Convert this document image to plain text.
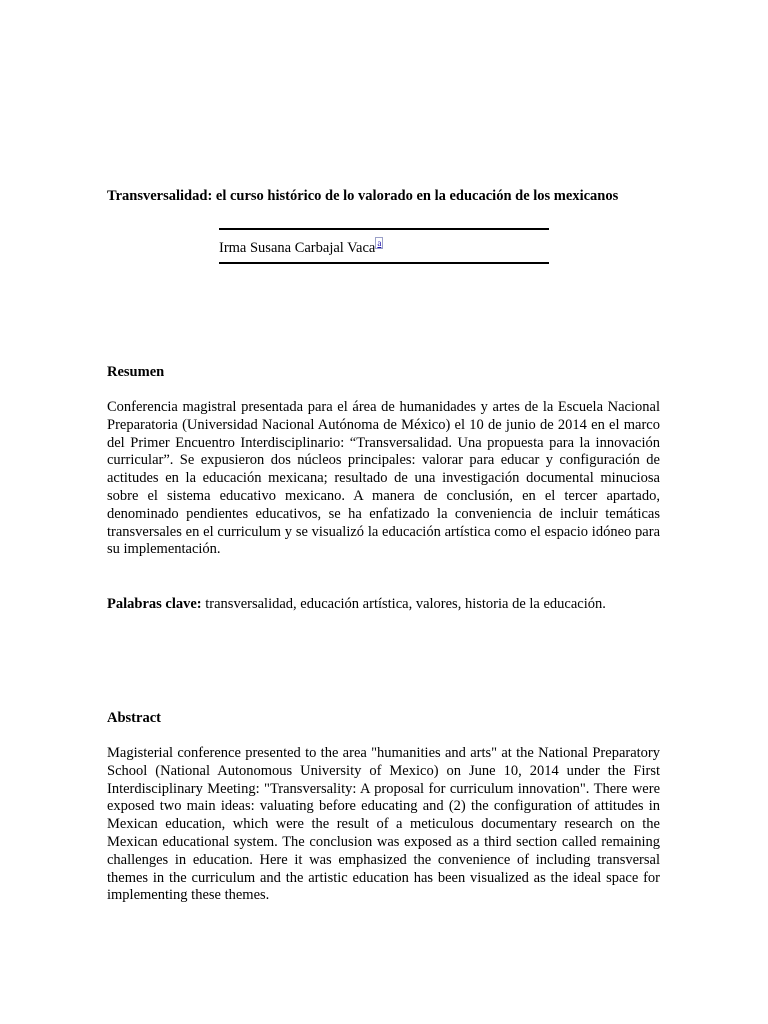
Transversalidad: el curso histórico de lo valorado en la educación de los mexicanos
Irma Susana Carbajal Vaca $^a$
Resumen

Conferencia magistral presentada para el área de humanidades y artes de la Escuela Nacional Preparatoria (Universidad Nacional Autónoma de México) el 10 de junio de 2014 en el marco del Primer Encuentro Interdisciplinario: “Transversalidad. Una propuesta para la innovación curricular”. Se expusieron dos núcleos principales: valorar para educar y configuración de actitudes en la educación mexicana; resultado de una investigación documental minuciosa sobre el sistema educativo mexicano. A manera de conclusión, en el tercer apartado, denominado pendientes educativos, se ha enfatizado la conveniencia de incluir temáticas transversales en el curriculum y se visualizó la educación artística como el espacio idóneo para su implementación.

Palabras clave: transversalidad, educación artística, valores, historia de la educación.
Abstract

Magisterial conference presented to the area "humanities and arts" at the National Preparatory School (National Autonomous University of Mexico) on June 10, 2014 under the First Interdisciplinary Meeting: "Transversality: A proposal for curriculum innovation". There were exposed two main ideas: valuating before educating and (2) the configuration of attitudes in Mexican education, which were the result of a meticulous documentary research on the Mexican educational system. The conclusion was exposed as a third section called remaining challenges in education. Here it was emphasized the convenience of including transversal themes in the curriculum and the artistic education has been visualized as the ideal space for implementing these themes.
